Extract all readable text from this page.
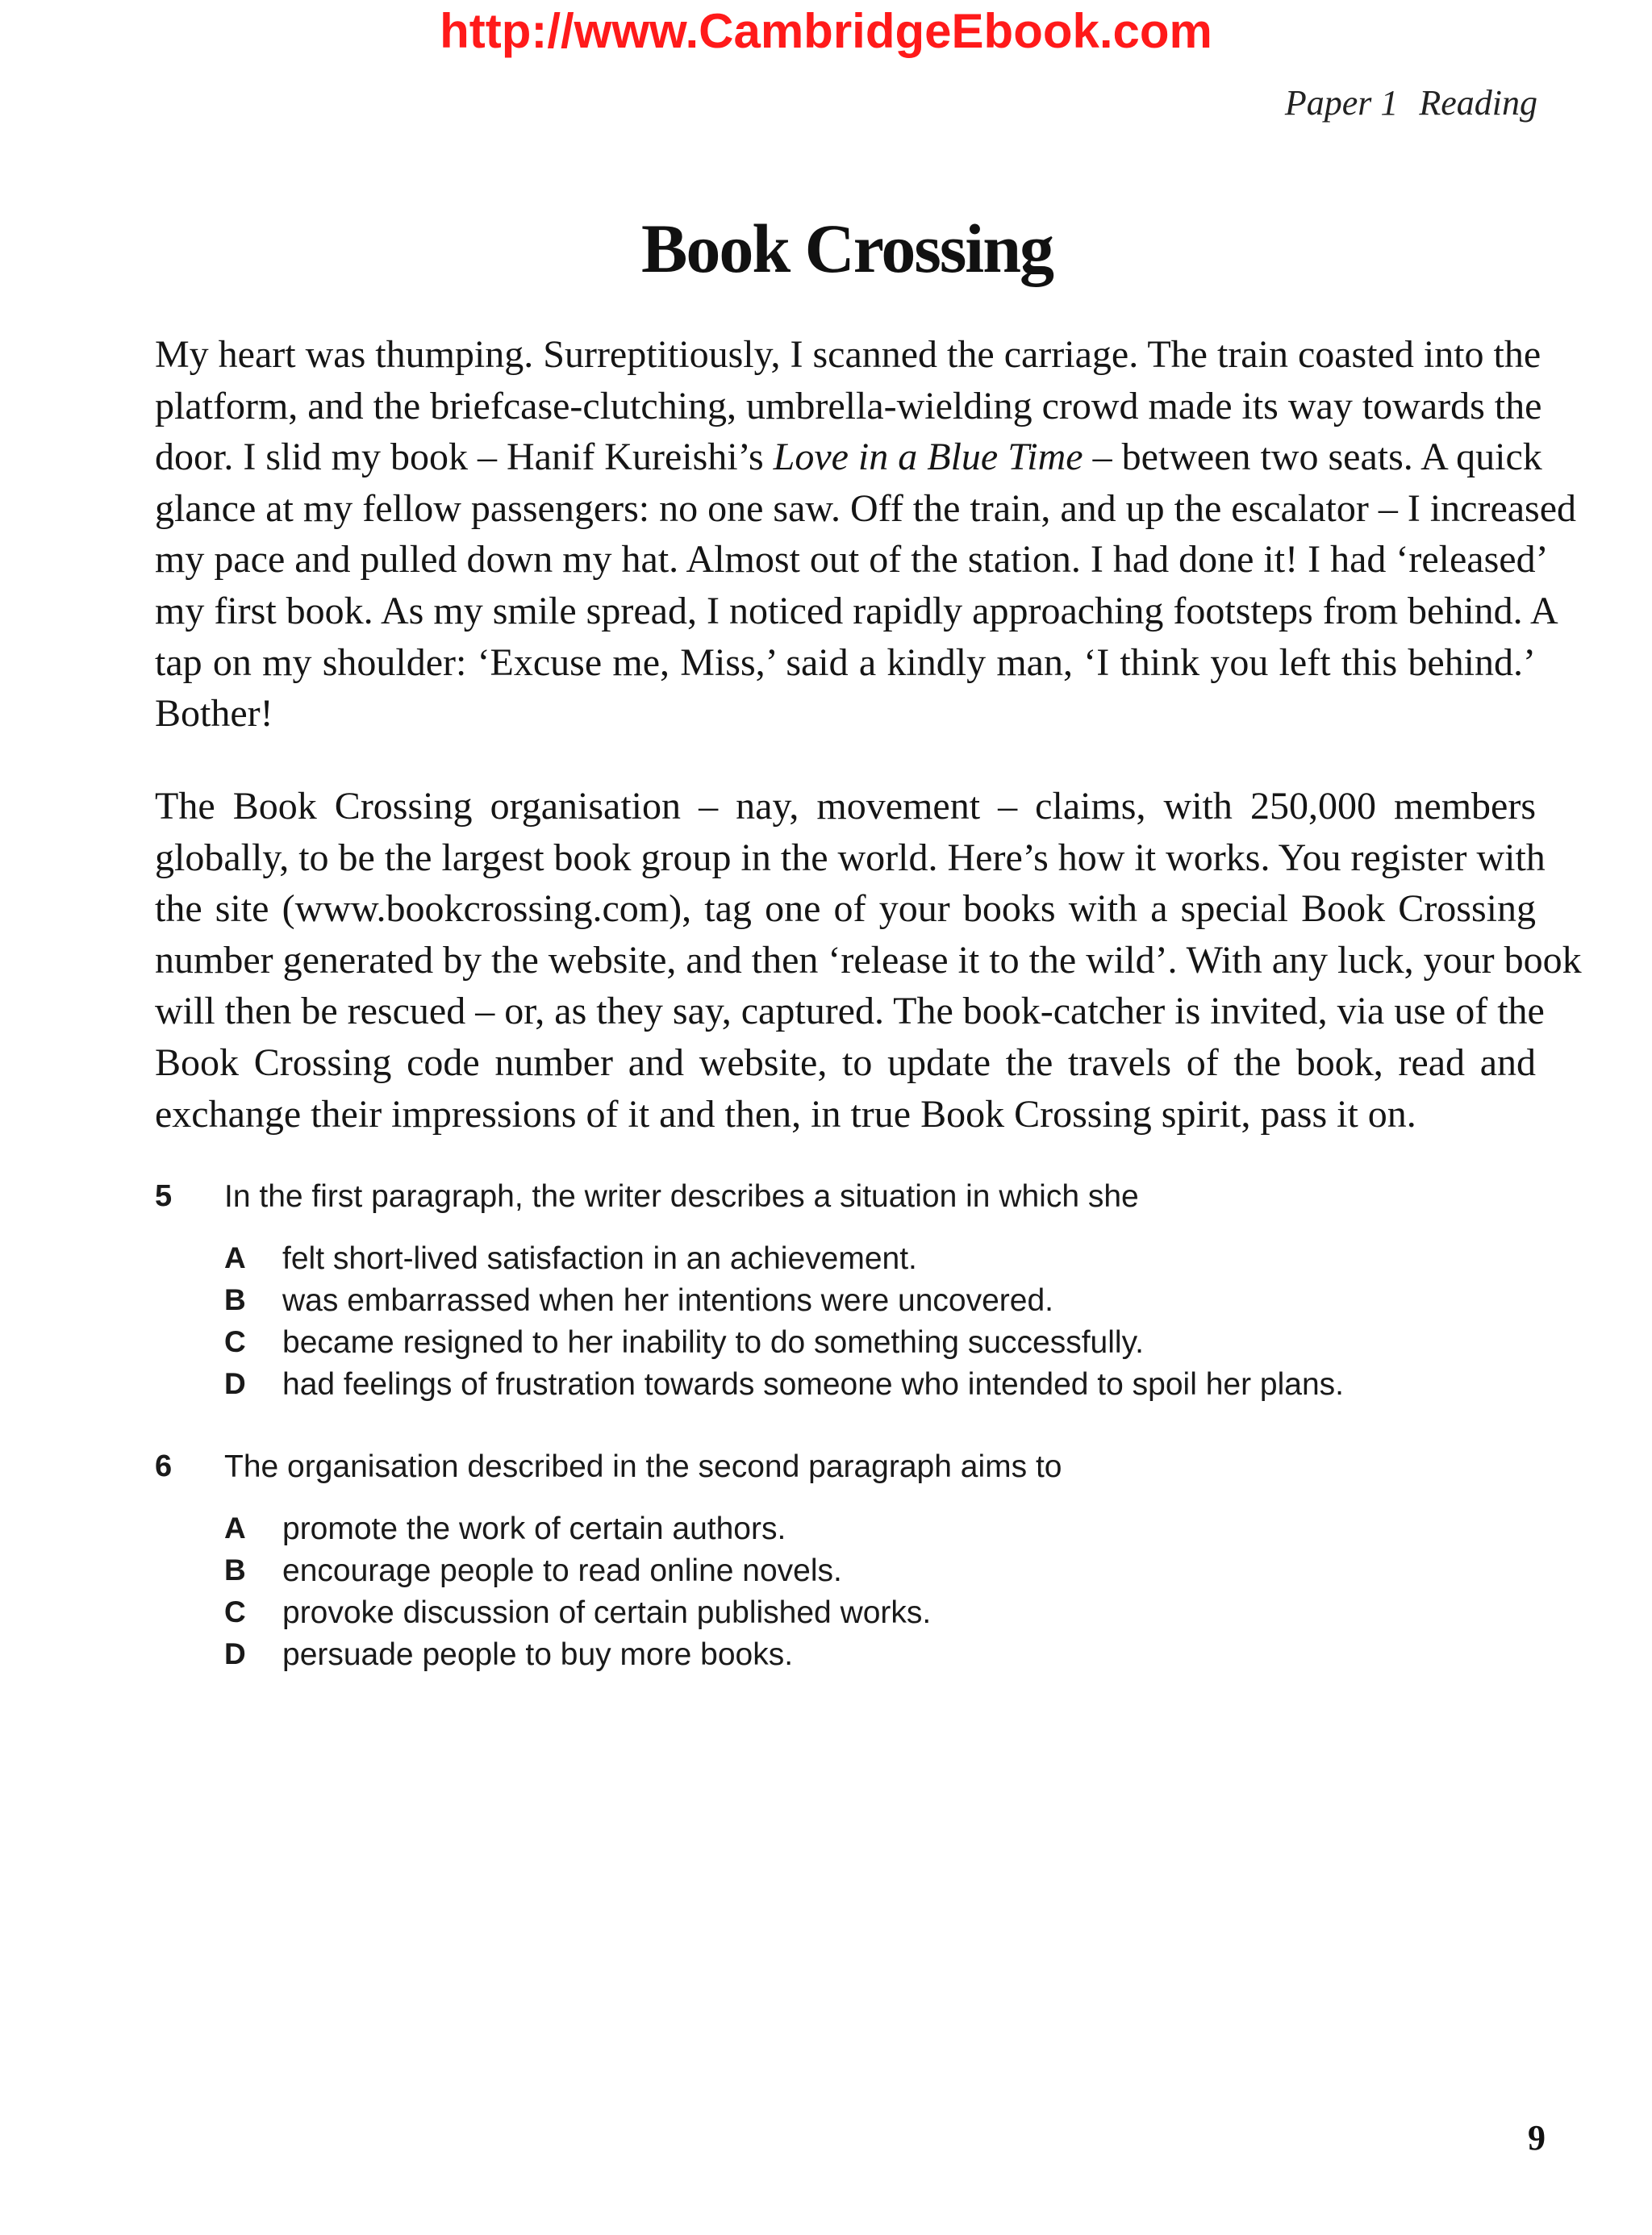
http://www.CambridgeEbook.com
Paper 1 Reading
Book Crossing
My heart was thumping. Surreptitiously, I scanned the carriage. The train coasted into the
platform, and the briefcase-clutching, umbrella-wielding crowd made its way towards the
door. I slid my book – Hanif Kureishi’s Love in a Blue Time – between two seats. A quick
glance at my fellow passengers: no one saw. Off the train, and up the escalator – I increased
my pace and pulled down my hat. Almost out of the station. I had done it! I had ‘released’
my first book. As my smile spread, I noticed rapidly approaching footsteps from behind. A
tap on my shoulder: ‘Excuse me, Miss,’ said a kindly man, ‘I think you left this behind.’
Bother!
The Book Crossing organisation – nay, movement – claims, with 250,000 members
globally, to be the largest book group in the world. Here’s how it works. You register with
the site (www.bookcrossing.com), tag one of your books with a special Book Crossing
number generated by the website, and then ‘release it to the wild’. With any luck, your book
will then be rescued – or, as they say, captured. The book-catcher is invited, via use of the
Book Crossing code number and website, to update the travels of the book, read and
exchange their impressions of it and then, in true Book Crossing spirit, pass it on.
5 In the first paragraph, the writer describes a situation in which she
A felt short-lived satisfaction in an achievement.
B was embarrassed when her intentions were uncovered.
C became resigned to her inability to do something successfully.
D had feelings of frustration towards someone who intended to spoil her plans.
6 The organisation described in the second paragraph aims to
A promote the work of certain authors.
B encourage people to read online novels.
C provoke discussion of certain published works.
D persuade people to buy more books.
9
